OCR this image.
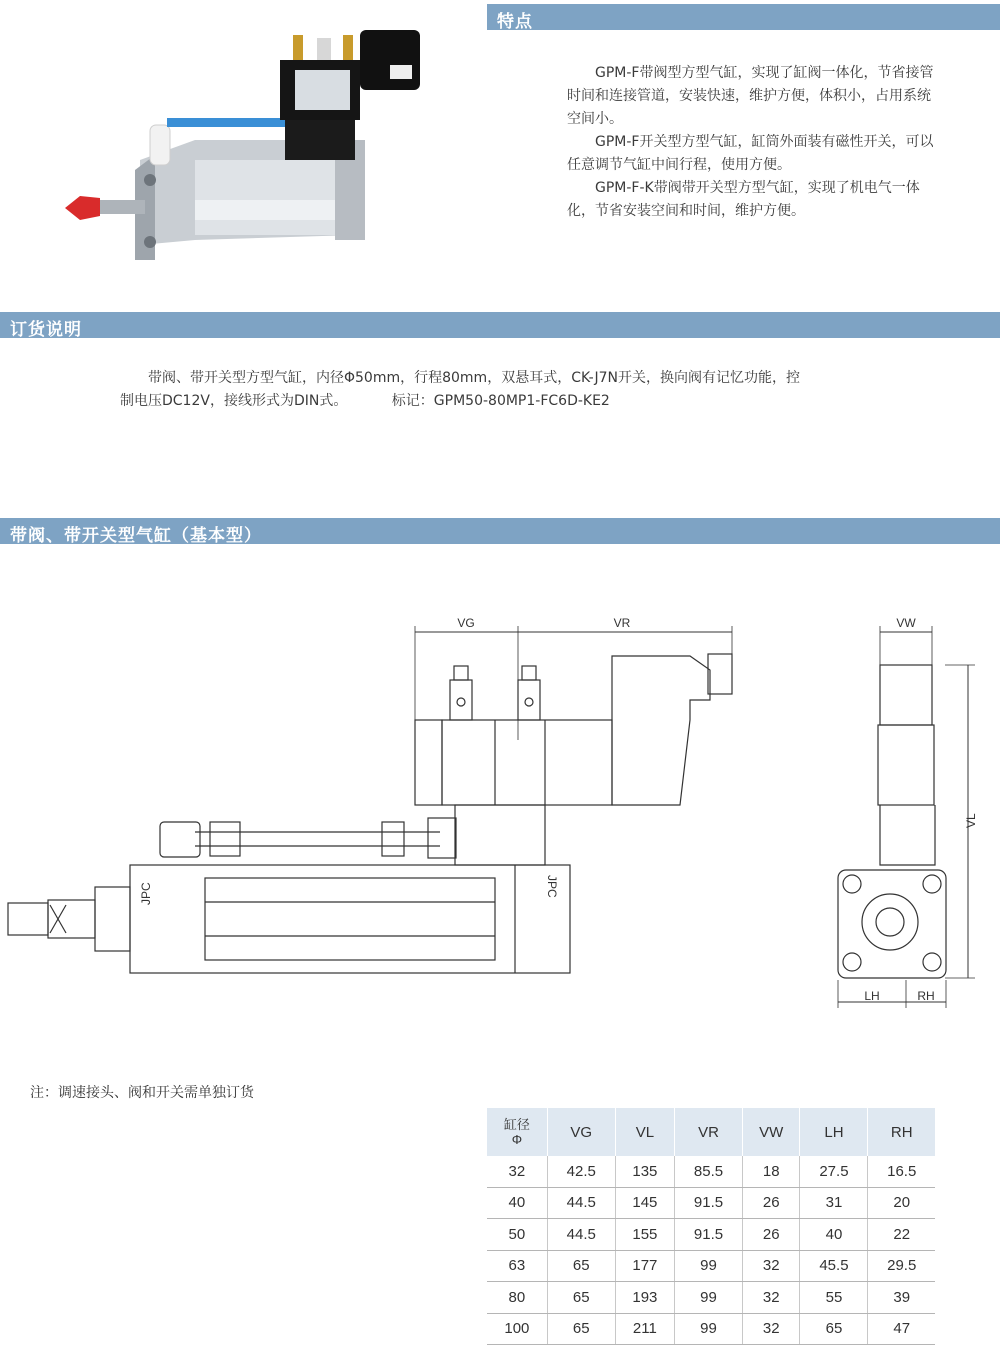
特点

GPM-F带阀型方型气缸，实现了缸阀一体化，节省接管时间和连接管道，安装快速，维护方便，体积小，占用系统空间小。

GPM-F开关型方型气缸，缸筒外面装有磁性开关，可以任意调节气缸中间行程，使用方便。

GPM-F-K带阀带开关型方型气缸，实现了机电气一体化，节省安装空间和时间，维护方便。

订货说明

带阀、带开关型方型气缸，内径Φ50mm，行程80mm，双悬耳式，CK-J7N开关，换向阀有记忆功能，控

制电压DC12V，接线形式为DIN式。	标记：GPM50-80MP1-FC6D-KE2

带阀、带开关型气缸（基本型）
VG	VR
JPC	JPC
VW
VL
LH	RH
注：调速接头、阀和开关需单独订货
缸径
Φ	VG	VL	VR	VW	LH	RH
32	42.5	135	85.5	18	27.5	16.5
40	44.5	145	91.5	26	31	20
50	44.5	155	91.5	26	40	22
63	65	177	99	32	45.5	29.5
80	65	193	99	32	55	39
100	65	211	99	32	65	47
